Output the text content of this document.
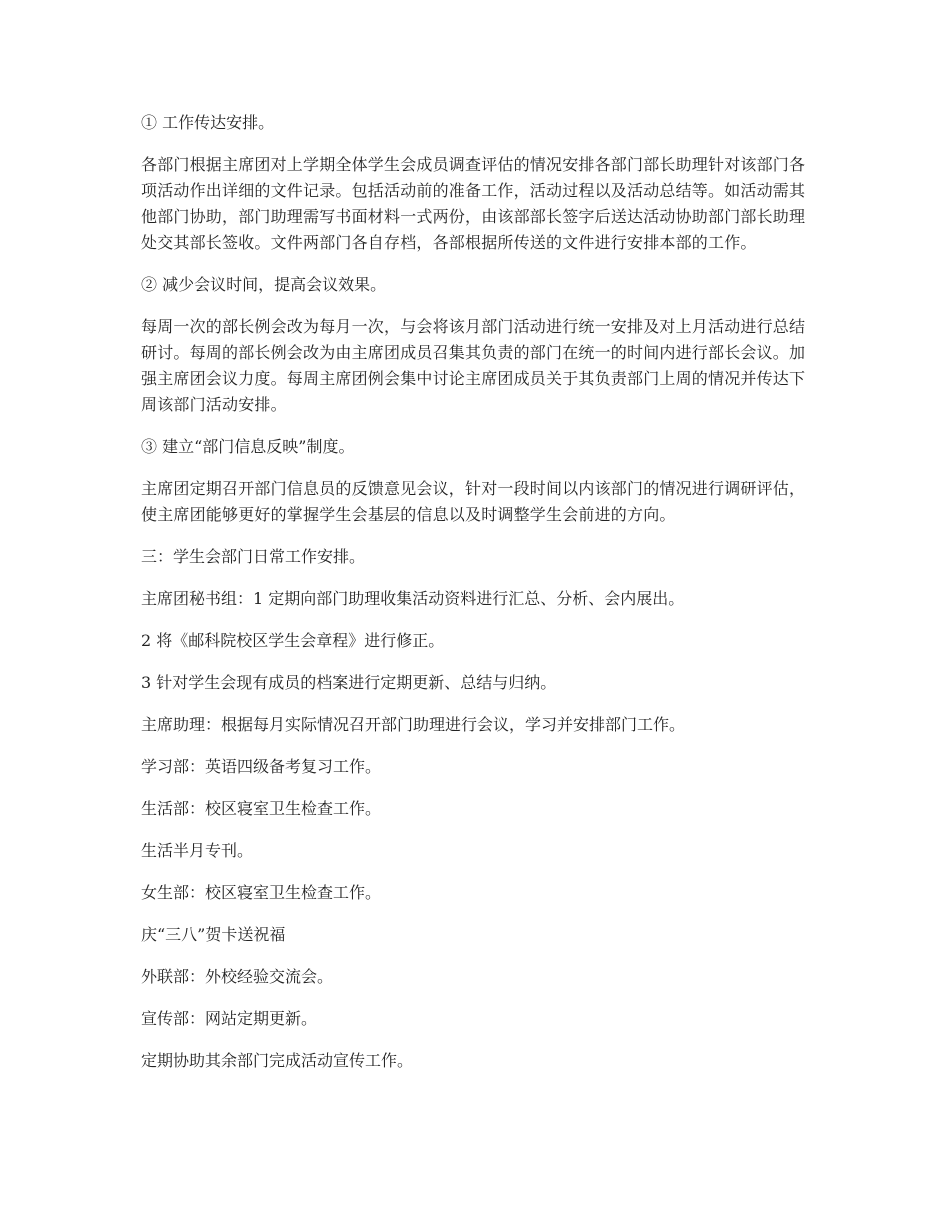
① 工作传达安排。

各部门根据主席团对上学期全体学生会成员调查评估的情况安排各部门部长助理针对该部门各项活动作出详细的文件记录。包括活动前的准备工作，活动过程以及活动总结等。如活动需其他部门协助，部门助理需写书面材料一式两份，由该部部长签字后送达活动协助部门部长助理处交其部长签收。文件两部门各自存档，各部根据所传送的文件进行安排本部的工作。

② 减少会议时间，提高会议效果。

每周一次的部长例会改为每月一次，与会将该月部门活动进行统一安排及对上月活动进行总结研讨。每周的部长例会改为由主席团成员召集其负责的部门在统一的时间内进行部长会议。加强主席团会议力度。每周主席团例会集中讨论主席团成员关于其负责部门上周的情况并传达下周该部门活动安排。

③ 建立“部门信息反映”制度。

主席团定期召开部门信息员的反馈意见会议，针对一段时间以内该部门的情况进行调研评估，使主席团能够更好的掌握学生会基层的信息以及时调整学生会前进的方向。

三：学生会部门日常工作安排。

主席团秘书组：1 定期向部门助理收集活动资料进行汇总、分析、会内展出。

2 将《邮科院校区学生会章程》进行修正。

3 针对学生会现有成员的档案进行定期更新、总结与归纳。

主席助理：根据每月实际情况召开部门助理进行会议，学习并安排部门工作。

学习部：英语四级备考复习工作。

生活部：校区寝室卫生检查工作。

生活半月专刊。

女生部：校区寝室卫生检查工作。

庆“三八”贺卡送祝福

外联部：外校经验交流会。

宣传部：网站定期更新。

定期协助其余部门完成活动宣传工作。
